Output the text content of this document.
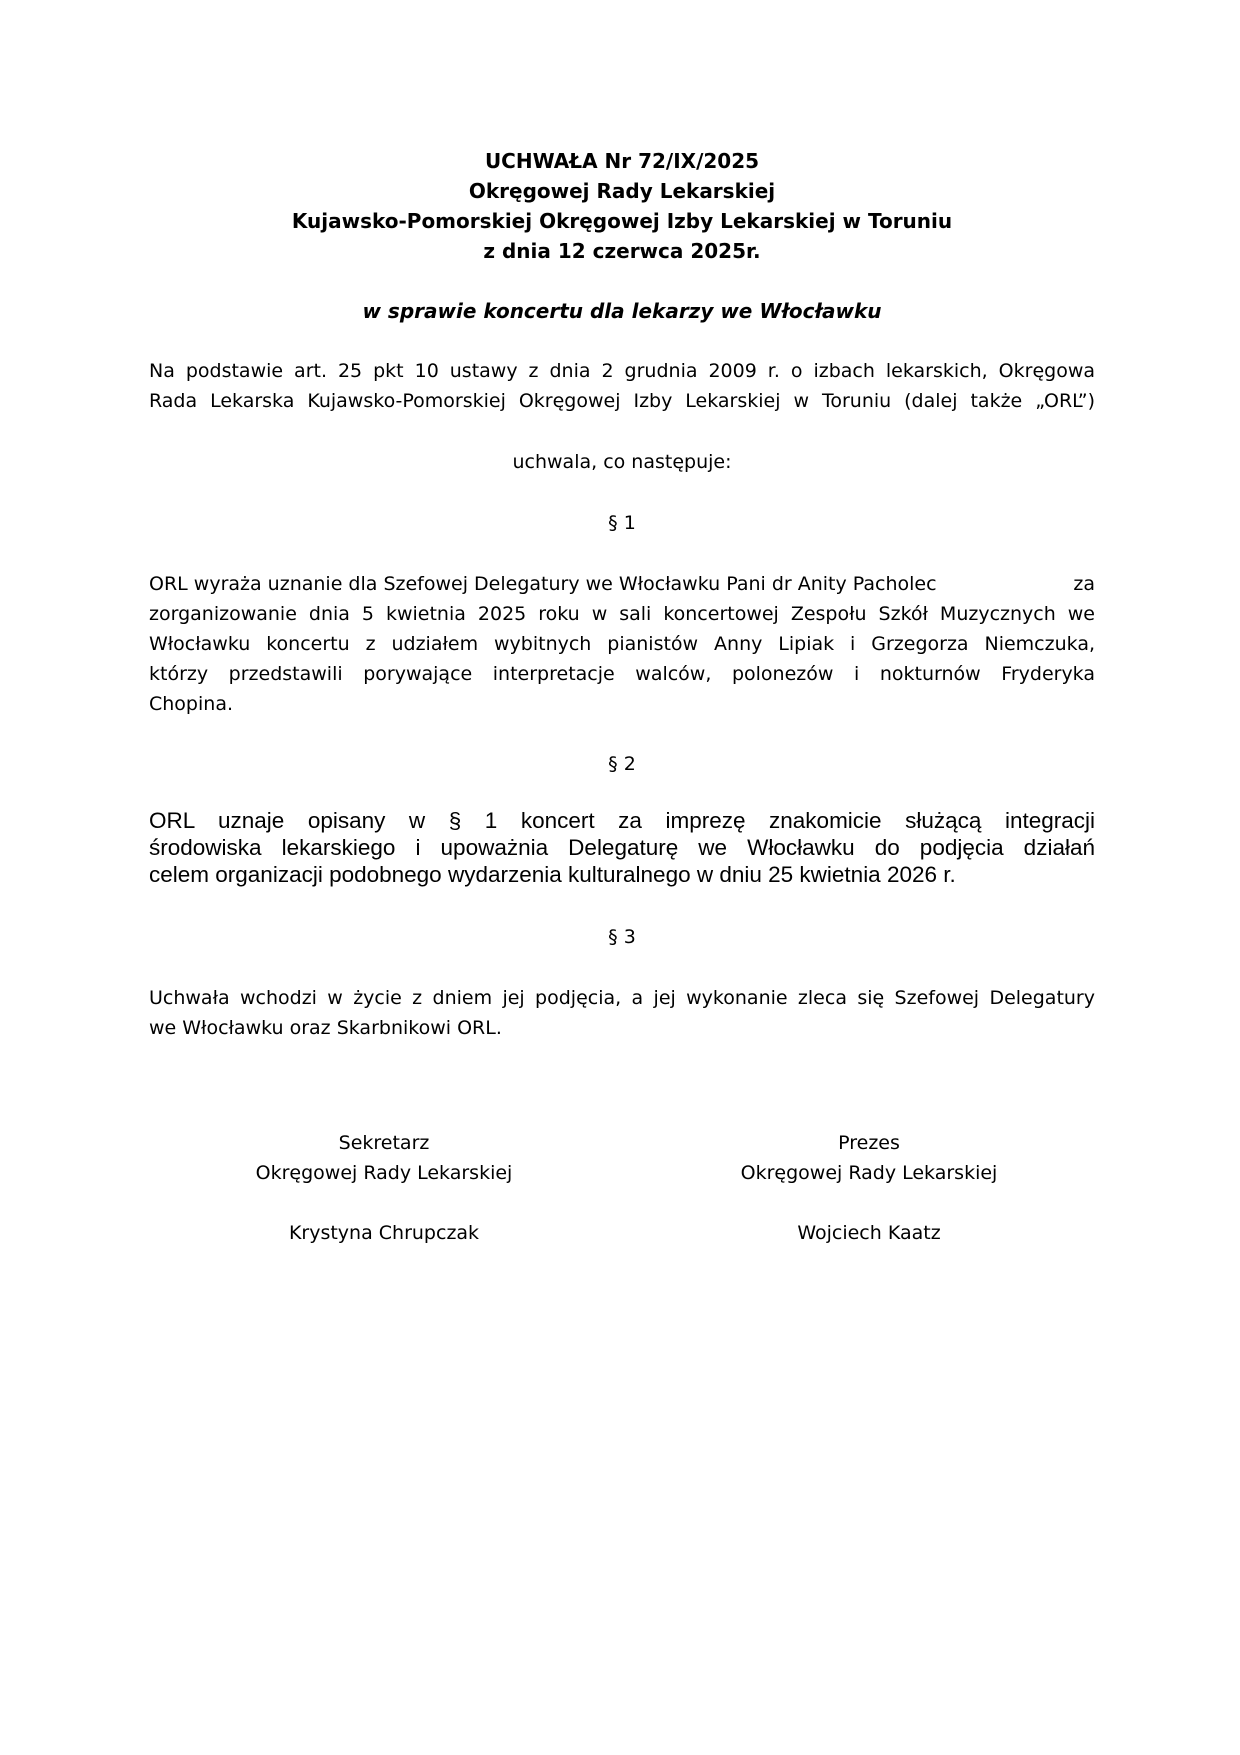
UCHWAŁA Nr 72/IX/2025
Okręgowej Rady Lekarskiej
Kujawsko-Pomorskiej Okręgowej Izby Lekarskiej w Toruniu
z dnia 12 czerwca 2025r.
w sprawie koncertu dla lekarzy we Włocławku
Na podstawie art. 25 pkt 10 ustawy z dnia 2 grudnia 2009 r. o izbach lekarskich, Okręgowa
Rada Lekarska Kujawsko-Pomorskiej Okręgowej Izby Lekarskiej w Toruniu (dalej także „ORL”)
uchwala, co następuje:
§ 1
ORL wyraża uznanie dla Szefowej Delegatury we Włocławku Pani dr Anity Pacholec	za
zorganizowanie dnia 5 kwietnia 2025 roku w sali koncertowej Zespołu Szkół Muzycznych we
Włocławku koncertu z udziałem wybitnych pianistów Anny Lipiak i Grzegorza Niemczuka,
którzy przedstawili porywające interpretacje walców, polonezów i nokturnów Fryderyka
Chopina.
§ 2
ORL uznaje opisany w § 1 koncert za imprezę znakomicie służącą integracji
środowiska lekarskiego i upoważnia Delegaturę we Włocławku do podjęcia działań
celem organizacji podobnego wydarzenia kulturalnego w dniu 25 kwietnia 2026 r.
§ 3
Uchwała wchodzi w życie z dniem jej podjęcia, a jej wykonanie zleca się Szefowej Delegatury
we Włocławku oraz Skarbnikowi ORL.
Sekretarz
Okręgowej Rady Lekarskiej
Krystyna Chrupczak
Prezes
Okręgowej Rady Lekarskiej
Wojciech Kaatz
